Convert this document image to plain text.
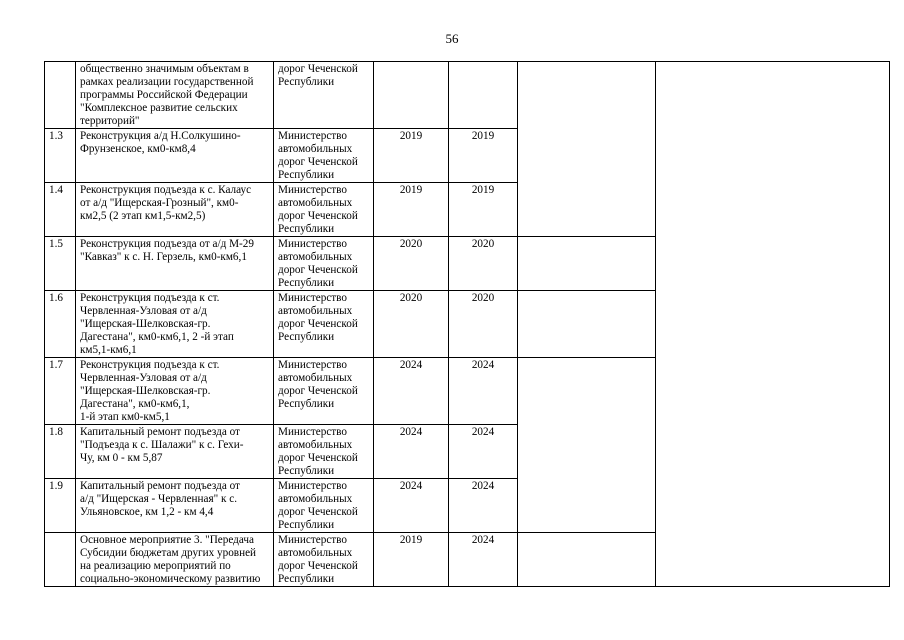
56
	общественно значимым объектам в
рамках реализации государственной
программы Российской Федерации
"Комплексное развитие сельских
территорий"	дорог Чеченской
Республики					
1.3	Реконструкция а/д Н.Солкушино-
Фрунзенское, км0-км8,4	Министерство
автомобильных
дорог Чеченской
Республики	2019	2019			
1.4	Реконструкция подъезда к с. Калаус
от а/д "Ищерская-Грозный", км0-
км2,5 (2 этап км1,5-км2,5)	Министерство
автомобильных
дорог Чеченской
Республики	2019	2019			
1.5	Реконструкция подъезда от а/д М-29
"Кавказ" к с. Н. Герзель, км0-км6,1	Министерство
автомобильных
дорог Чеченской
Республики	2020	2020			
1.6	Реконструкция подъезда к ст.
Червленная-Узловая от а/д
"Ищерская-Шелковская-гр.
Дагестана", км0-км6,1, 2 -й этап
км5,1-км6,1	Министерство
автомобильных
дорог Чеченской
Республики	2020	2020			
1.7	Реконструкция подъезда к ст.
Червленная-Узловая от а/д
"Ищерская-Шелковская-гр.
Дагестана", км0-км6,1,
1-й этап км0-км5,1	Министерство
автомобильных
дорог Чеченской
Республики	2024	2024			
1.8	Капитальный ремонт подъезда от
"Подъезда к с. Шалажи" к с. Гехи-
Чу, км 0 - км 5,87	Министерство
автомобильных
дорог Чеченской
Республики	2024	2024			
1.9	Капитальный ремонт подъезда от
а/д "Ищерская - Червленная" к с.
Ульяновское, км 1,2 - км 4,4	Министерство
автомобильных
дорог Чеченской
Республики	2024	2024			
	Основное мероприятие 3. "Передача
Субсидии бюджетам других уровней
на реализацию мероприятий по
социально-экономическому развитию	Министерство
автомобильных
дорог Чеченской
Республики	2019	2024			
